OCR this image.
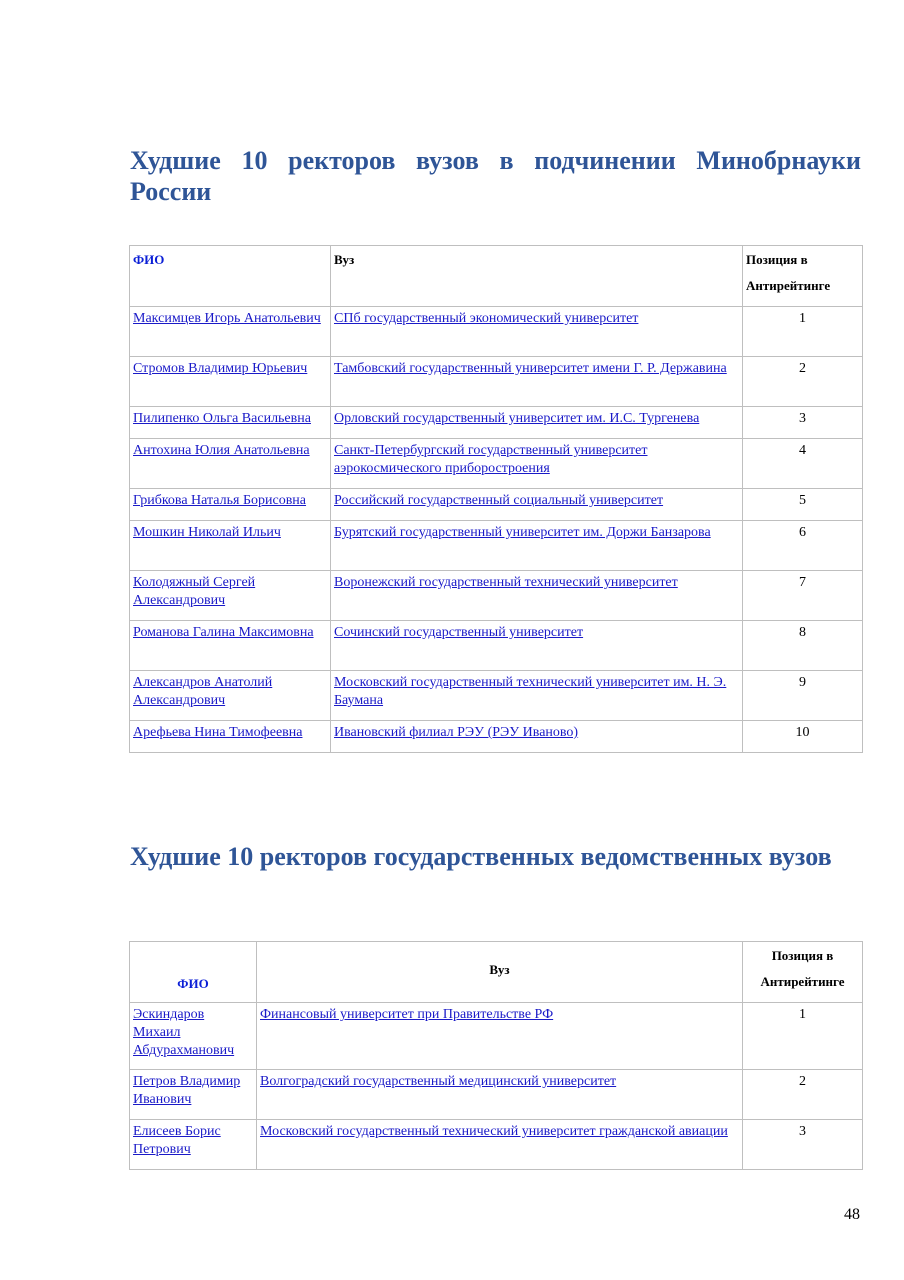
Худшие 10 ректоров вузов в подчинении Минобрнауки России
ФИО	Вуз	Позиция в Антирейтинге
Максимцев Игорь Анатольевич	СПб государственный экономический университет	1
Стромов Владимир Юрьевич	Тамбовский государственный университет имени Г. Р. Державина	2
Пилипенко Ольга Васильевна	Орловский государственный университет им. И.С. Тургенева	3
Антохина Юлия Анатольевна	Санкт-Петербургский государственный университет аэрокосмического приборостроения	4
Грибкова Наталья Борисовна	Российский государственный социальный университет	5
Мошкин Николай Ильич	Бурятский государственный университет им. Доржи Банзарова	6
Колодяжный Сергей Александрович	Воронежский государственный технический университет	7
Романова Галина Максимовна	Сочинский государственный университет	8
Александров Анатолий Александрович	Московский государственный технический университет им. Н. Э. Баумана	9
Арефьева Нина Тимофеевна	Ивановский филиал РЭУ (РЭУ Иваново)	10
Худшие 10 ректоров государственных ведомственных вузов
ФИО	Вуз	Позиция в Антирейтинге
Эскиндаров Михаил Абдурахманович	Финансовый университет при Правительстве РФ	1
Петров Владимир Иванович	Волгоградский государственный медицинский университет	2
Елисеев Борис Петрович	Московский государственный технический университет гражданской авиации	3
48
